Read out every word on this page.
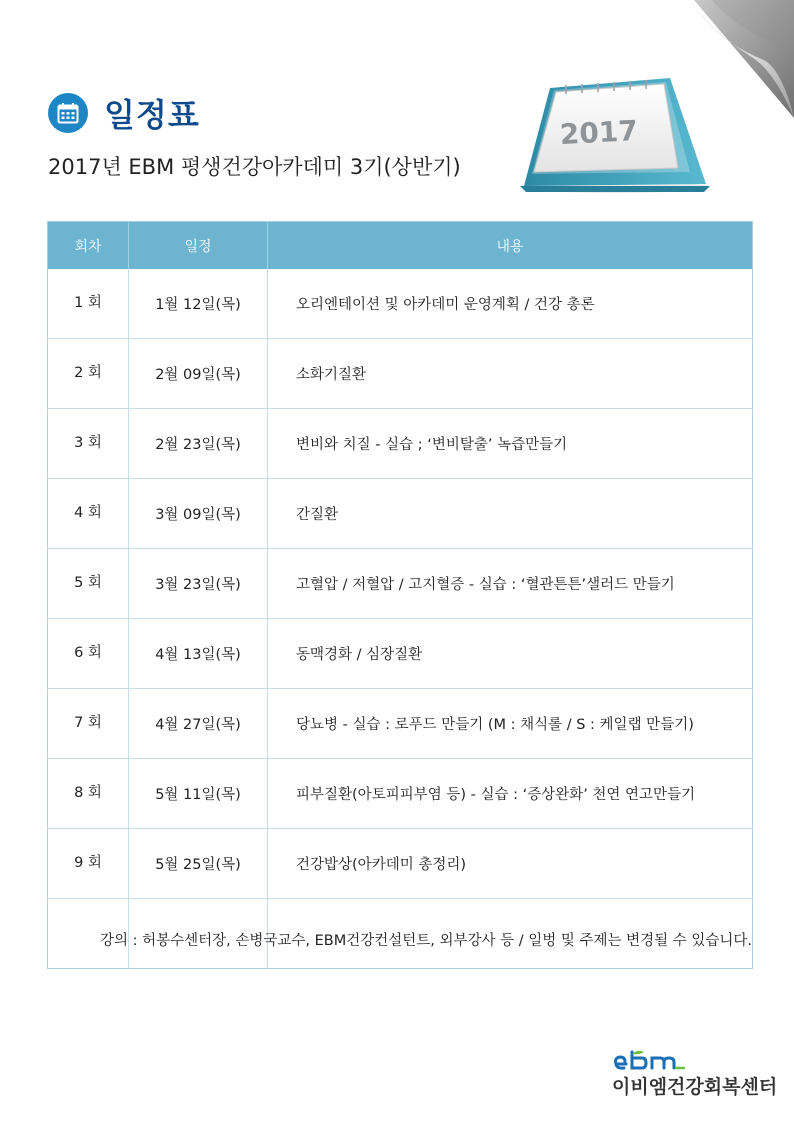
일정표
2017년 EBM 평생건강아카데미 3기(상반기)
2017
회차	일정	내용
1 회	1월 12일(목)	오리엔테이션 및 아카데미 운영계획 / 건강 총론
2 회	2월 09일(목)	소화기질환
3 회	2월 23일(목)	변비와 치질 - 실습 ; ‘변비탈출’ 녹즙만들기
4 회	3월 09일(목)	간질환
5 회	3월 23일(목)	고혈압 / 저혈압 / 고지혈증 - 실습 : ‘혈관튼튼’샐러드 만들기
6 회	4월 13일(목)	동맥경화 / 심장질환
7 회	4월 27일(목)	당뇨병 - 실습 : 로푸드 만들기 (M : 채식롤 / S : 케일랩 만들기)
8 회	5월 11일(목)	피부질환(아토피피부염 등) - 실습 : ‘증상완화’ 천연 연고만들기
9 회	5월 25일(목)	건강밥상(아카데미 총정리)

강의 : 허봉수센터장, 손병국교수, EBM건강컨설턴트, 외부강사 등 / 일벙 및 주제는 변경될 수 있습니다.
이비엠건강회복센터
